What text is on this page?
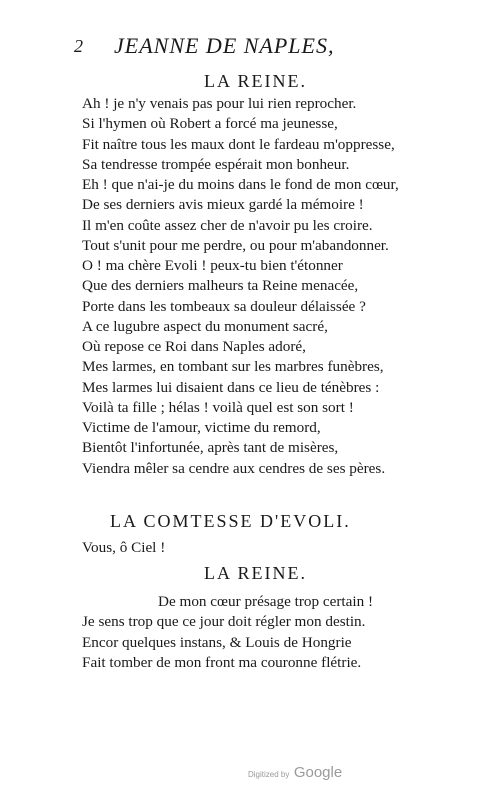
2 JEANNE DE NAPLES,
LA REINE.
Ah ! je n'y venais pas pour lui rien reprocher.
Si l'hymen où Robert a forcé ma jeunesse,
Fit naître tous les maux dont le fardeau m'oppresse,
Sa tendresse trompée espérait mon bonheur.
Eh ! que n'ai-je du moins dans le fond de mon cœur,
De ses derniers avis mieux gardé la mémoire !
Il m'en coûte assez cher de n'avoir pu les croire.
Tout s'unit pour me perdre, ou pour m'abandonner.
O ! ma chère Evoli ! peux-tu bien t'étonner
Que des derniers malheurs ta Reine menacée,
Porte dans les tombeaux sa douleur délaissée ?
A ce lugubre aspect du monument sacré,
Où repose ce Roi dans Naples adoré,
Mes larmes, en tombant sur les marbres funèbres,
Mes larmes lui disaient dans ce lieu de ténèbres :
Voilà ta fille ; hélas ! voilà quel est son sort !
Victime de l'amour, victime du remord,
Bientôt l'infortunée, après tant de misères,
Viendra mêler sa cendre aux cendres de ses pères.
LA COMTESSE D'EVOLI.
Vous, ô Ciel !
LA REINE.
De mon cœur présage trop certain !
Je sens trop que ce jour doit régler mon destin.
Encor quelques instans, & Louis de Hongrie
Fait tomber de mon front ma couronne flétrie.
Digitized by Google
